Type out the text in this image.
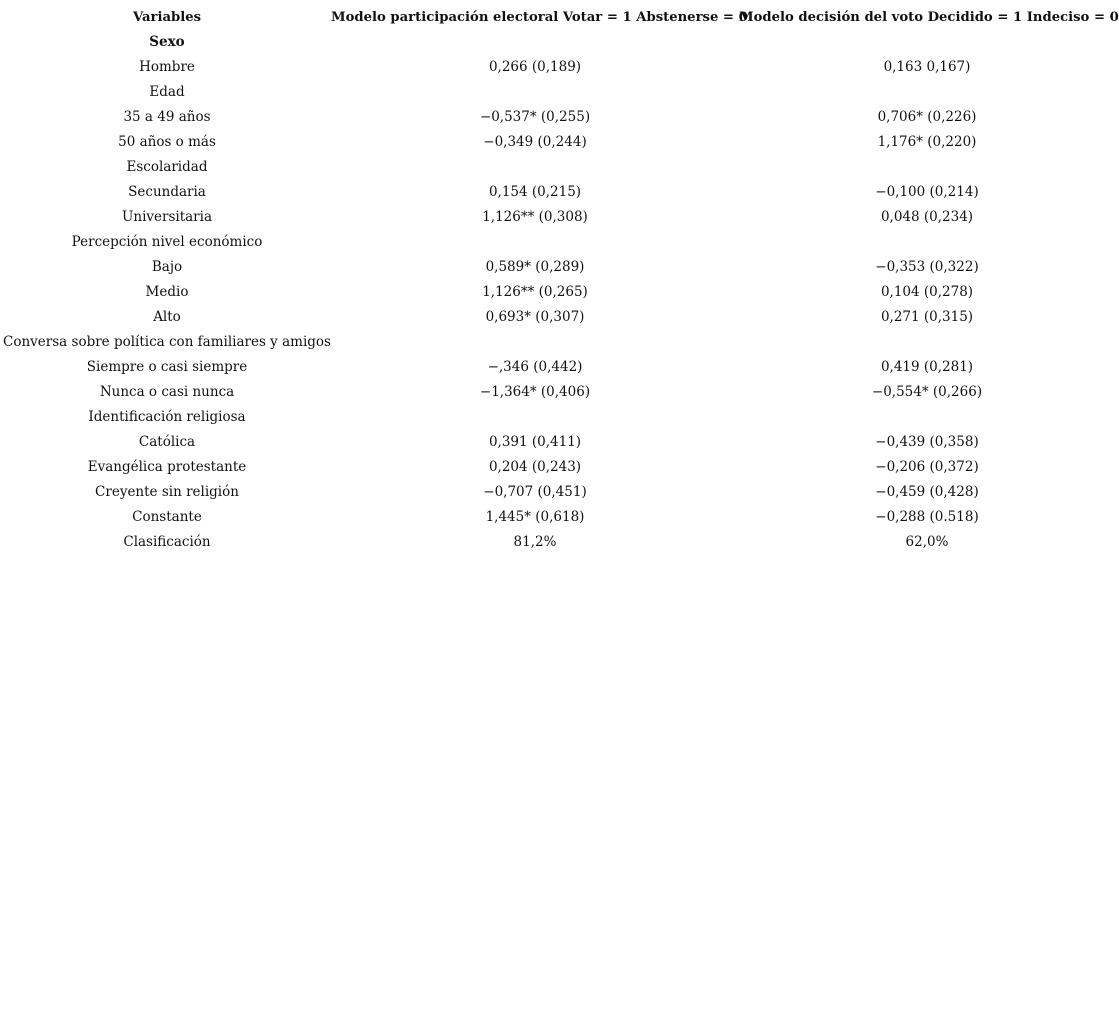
Variables	Modelo participación electoral Votar = 1 Abstenerse = 0	Modelo decisión del voto Decidido = 1 Indeciso = 0
Sexo		
Hombre	0,266 (0,189)	0,163 0,167)
Edad		
35 a 49 años	−0,537* (0,255)	0,706* (0,226)
50 años o más	−0,349 (0,244)	1,176* (0,220)
Escolaridad		
Secundaria	0,154 (0,215)	−0,100 (0,214)
Universitaria	1,126** (0,308)	0,048 (0,234)
Percepción nivel económico		
Bajo	0,589* (0,289)	−0,353 (0,322)
Medio	1,126** (0,265)	0,104 (0,278)
Alto	0,693* (0,307)	0,271 (0,315)
Conversa sobre política con familiares y amigos		
Siempre o casi siempre	−,346 (0,442)	0,419 (0,281)
Nunca o casi nunca	−1,364* (0,406)	−0,554* (0,266)
Identificación religiosa		
Católica	0,391 (0,411)	−0,439 (0,358)
Evangélica protestante	0,204 (0,243)	−0,206 (0,372)
Creyente sin religión	−0,707 (0,451)	−0,459 (0,428)
Constante	1,445* (0,618)	−0,288 (0.518)
Clasificación	81,2%	62,0%
